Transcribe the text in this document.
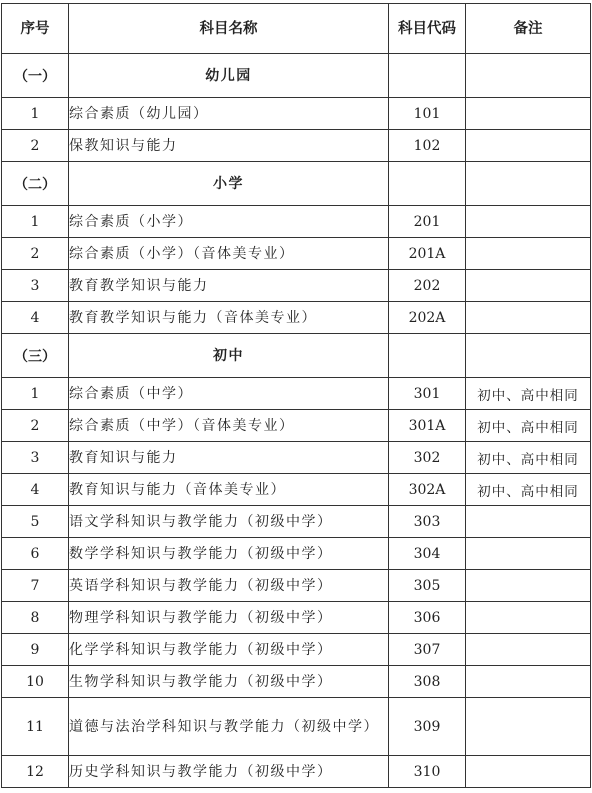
序号	科目名称	科目代码	备注
（一）	幼儿园		
1	综合素质（幼儿园）	101	
2	保教知识与能力	102	
（二）	小学		
1	综合素质（小学）	201	
2	综合素质（小学）（音体美专业）	201A	
3	教育教学知识与能力	202	
4	教育教学知识与能力（音体美专业）	202A	
（三）	初中		
1	综合素质（中学）	301	初中、高中相同
2	综合素质（中学）（音体美专业）	301A	初中、高中相同
3	教育知识与能力	302	初中、高中相同
4	教育知识与能力（音体美专业）	302A	初中、高中相同
5	语文学科知识与教学能力（初级中学）	303	
6	数学学科知识与教学能力（初级中学）	304	
7	英语学科知识与教学能力（初级中学）	305	
8	物理学科知识与教学能力（初级中学）	306	
9	化学学科知识与教学能力（初级中学）	307	
10	生物学科知识与教学能力（初级中学）	308	
11	道德与法治学科知识与教学能力（初级中学）	309	
12	历史学科知识与教学能力（初级中学）	310	
